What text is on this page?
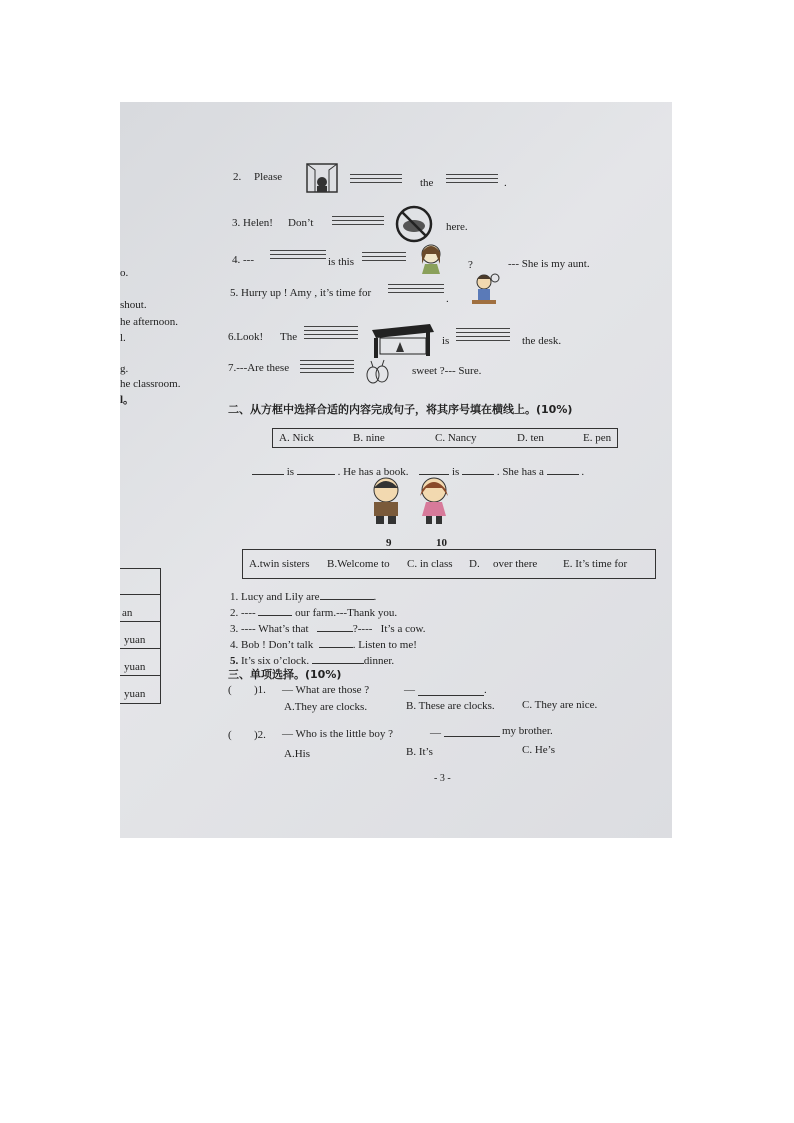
o.
shout.
he afternoon.
l.
g.
he classroom.
l。
$_{an}$
$_{yuan}$
$_{yuan}$
$_{yuan}$
2. Please	the	.
3. Helen! Don’t	here.
4. ---	is this	?	--- She is my aunt.
5. Hurry up ! Amy , it’s time for	.
6.Look! The	is	the desk.
7.---Are these	sweet ?--- Sure.
二、从方框中选择合适的内容完成句子，将其序号填在横线上。(10%)
A. Nick	B. nine	C. Nancy	D. ten	E. pen
is	. He has a book.	is	. She has a	.
9	10
A.twin sisters B.Welcome to C. in class D. over there E. It’s time for
1. Lucy and Lily are	.
2. ----	our farm.---Thank you.
3. ---- What’s that	?---- It’s a cow.
4. Bob ! Don’t talk	. Listen to me!
5. It’s six o’clock.	dinner.
三、单项选择。(10%)
( )1. — What are those ?	—	.
A.They are clocks.	B. These are clocks. C. They are nice.
( )2. — Who is the little boy ?	—	my brother.
A.His	B. It’s	C. He’s
- 3 -
